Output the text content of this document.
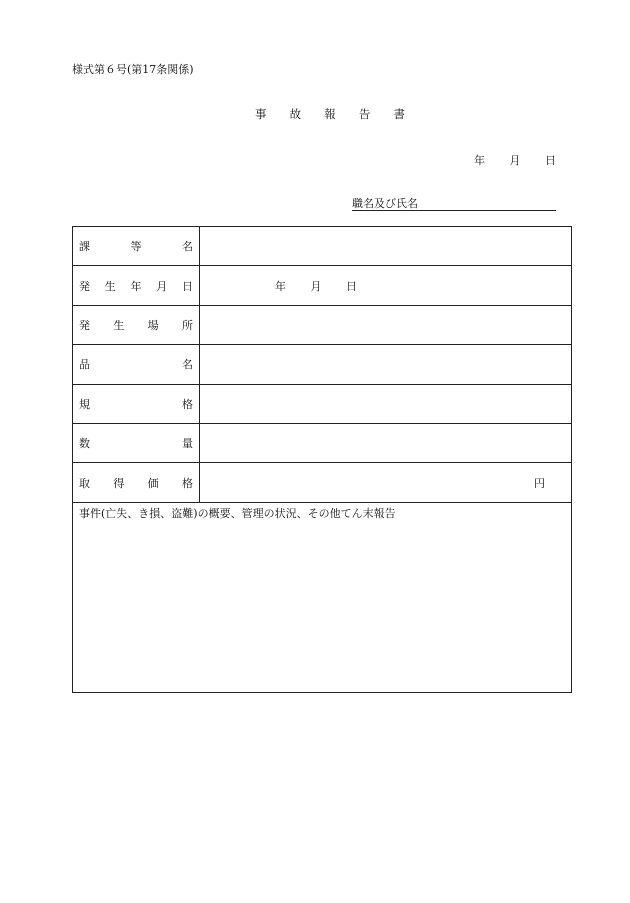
様式第６号(第17条関係)
事 故 報 告 書
年 月 日
職名及び氏名
課 等 名	

発 生 年 月 日	年 月 日

発 生 場 所	

品 名	

規 格	

数 量	

取 得 価 格	円

事件(亡失、き損、盗難)の概要、管理の状況、その他てん末報告	
